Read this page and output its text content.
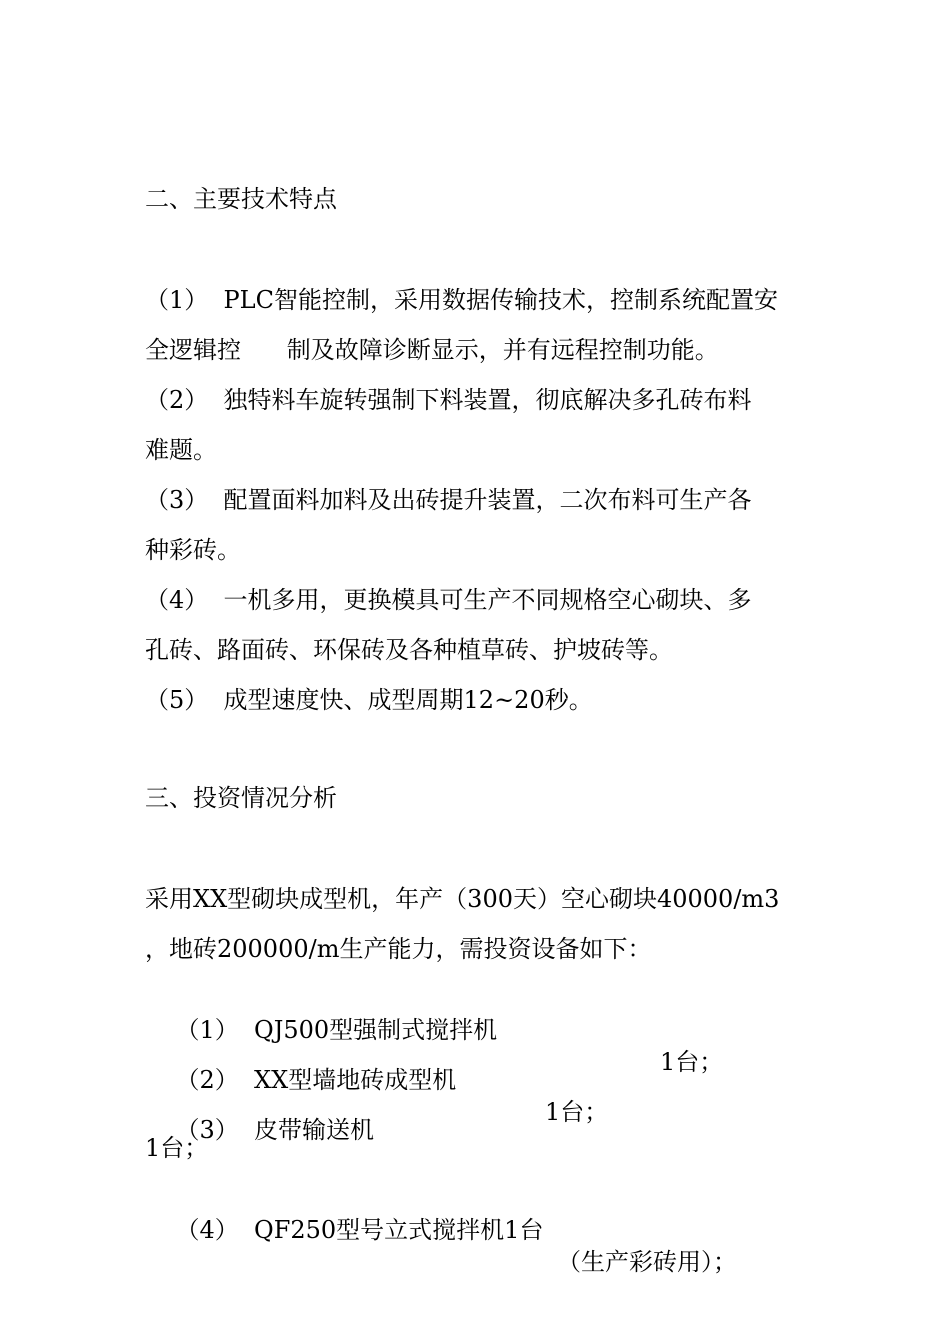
二、主要技术特点
（1）  PLC智能控制，采用数据传输技术，控制系统配置安
全逻辑控      制及故障诊断显示，并有远程控制功能。
（2）  独特料车旋转强制下料装置，彻底解决多孔砖布料
难题。
（3）  配置面料加料及出砖提升装置，二次布料可生产各
种彩砖。
（4）  一机多用，更换模具可生产不同规格空心砌块、多
孔砖、路面砖、环保砖及各种植草砖、护坡砖等。
（5）  成型速度快、成型周期12~20秒。
三、投资情况分析
采用XX型砌块成型机，年产（300天）空心砌块40000/m3
，地砖200000/m生产能力，需投资设备如下：

（1）  QJ500型强制式搅拌机

1台；

（2）  XX型墙地砖成型机

1台；

（3）  皮带输送机

1台；

（4）  QF250型号立式搅拌机1台

（生产彩砖用）；
